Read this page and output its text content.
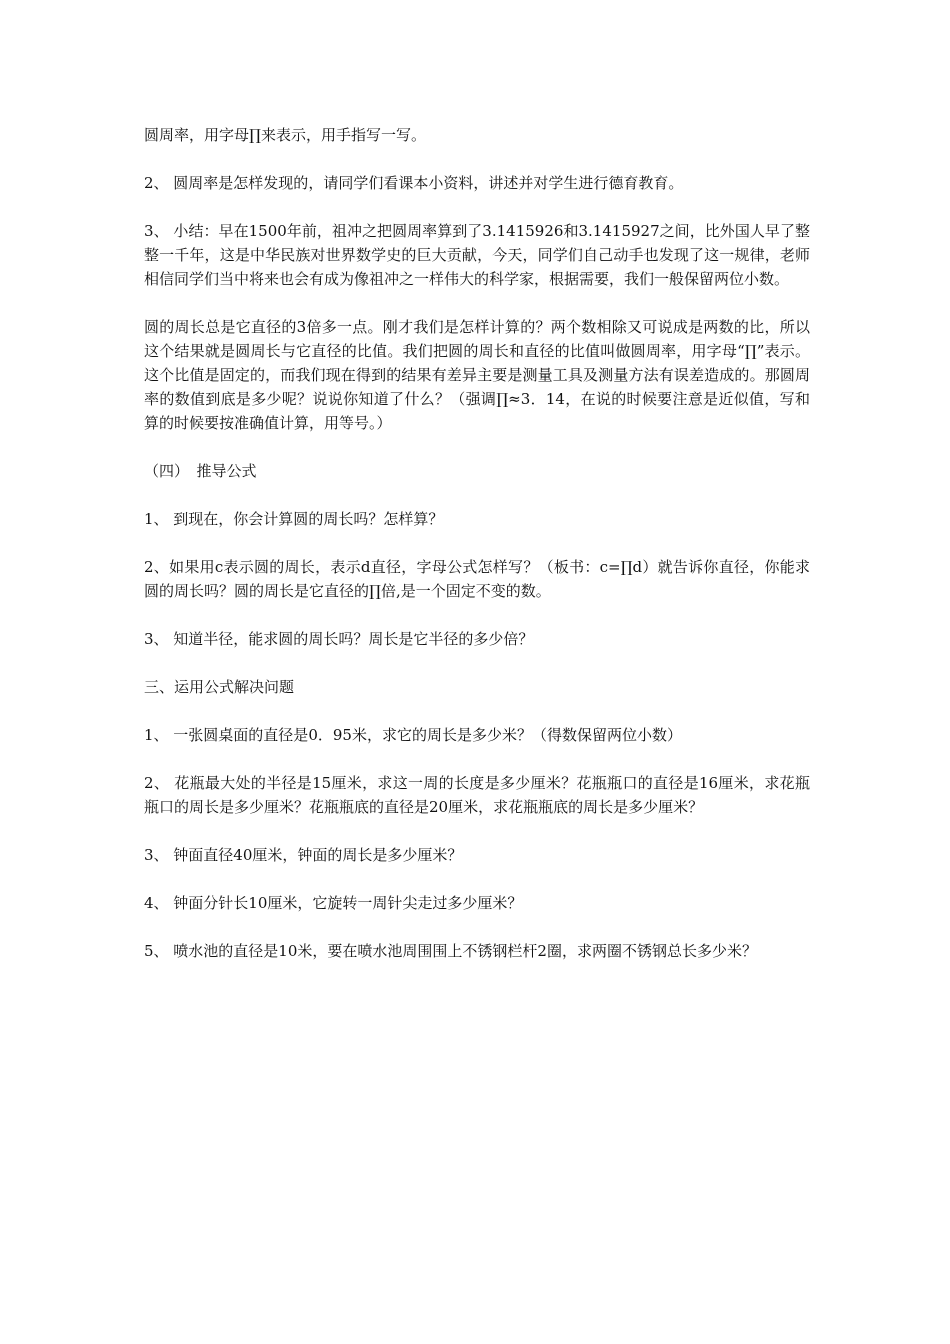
圆周率，用字母∏来表示，用手指写一写。

2、 圆周率是怎样发现的，请同学们看课本小资料，讲述并对学生进行德育教育。

3、 小结：早在1500年前，祖冲之把圆周率算到了3.1415926和3.1415927之间，比外国人早了整整一千年，这是中华民族对世界数学史的巨大贡献，今天，同学们自己动手也发现了这一规律，老师相信同学们当中将来也会有成为像祖冲之一样伟大的科学家，根据需要，我们一般保留两位小数。

圆的周长总是它直径的3倍多一点。刚才我们是怎样计算的？两个数相除又可说成是两数的比，所以这个结果就是圆周长与它直径的比值。我们把圆的周长和直径的比值叫做圆周率，用字母“∏”表示。这个比值是固定的，而我们现在得到的结果有差异主要是测量工具及测量方法有误差造成的。那圆周率的数值到底是多少呢？说说你知道了什么？（强调∏≈3．14，在说的时候要注意是近似值，写和算的时候要按准确值计算，用等号。）

（四）　推导公式

1、 到现在，你会计算圆的周长吗？怎样算？

2、如果用c表示圆的周长，表示d直径，字母公式怎样写？（板书：c=∏d）就告诉你直径，你能求圆的周长吗？圆的周长是它直径的∏倍,是一个固定不变的数。

3、 知道半径，能求圆的周长吗？周长是它半径的多少倍？

三、运用公式解决问题

1、 一张圆桌面的直径是0．95米，求它的周长是多少米？（得数保留两位小数）

2、 花瓶最大处的半径是15厘米，求这一周的长度是多少厘米？花瓶瓶口的直径是16厘米，求花瓶瓶口的周长是多少厘米？花瓶瓶底的直径是20厘米，求花瓶瓶底的周长是多少厘米？

3、 钟面直径40厘米，钟面的周长是多少厘米？

4、 钟面分针长10厘米，它旋转一周针尖走过多少厘米？

5、 喷水池的直径是10米，要在喷水池周围围上不锈钢栏杆2圈，求两圈不锈钢总长多少米？
